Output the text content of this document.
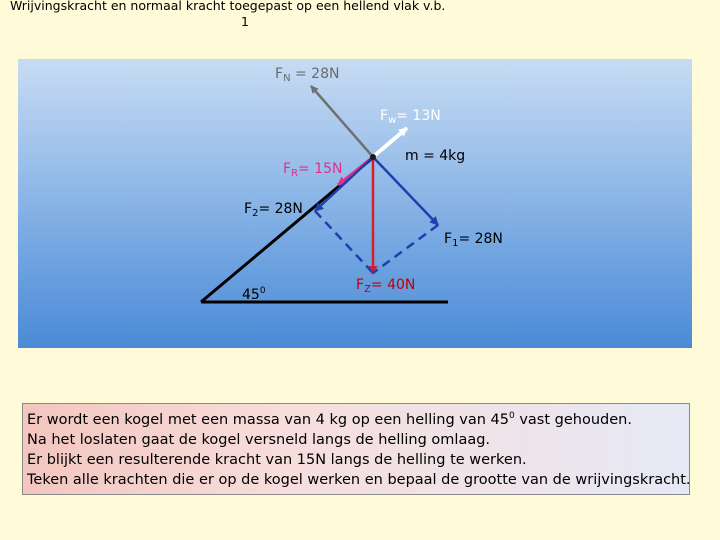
Wrijvingskracht en normaal kracht toegepast op een hellend vlak v.b.
1
$F_N = 28N$
$F_w= 13N$
m = 4kg
$F_R= 15N$
$F_2= 28N$
$F_1= 28N$
$45^0$	$F_Z= 40N$

Er wordt een kogel met een massa van 4 kg op een helling van $45^0$ vast gehouden.

Na het loslaten gaat de kogel versneld langs de helling omlaag.

Er blijkt een resulterende kracht van 15N langs de helling te werken.

Teken alle krachten die er op de kogel werken en bepaal de grootte van de wrijvingskracht.
